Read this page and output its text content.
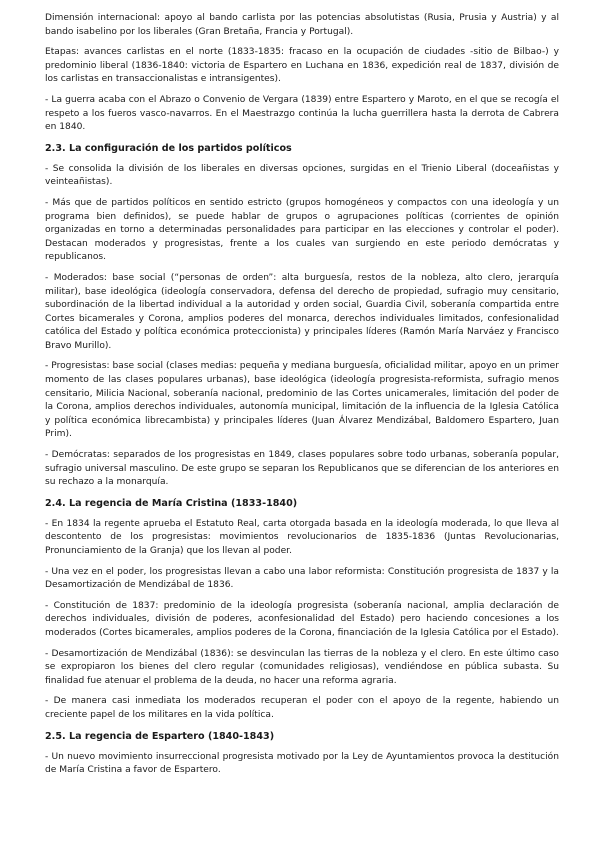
Dimensión internacional: apoyo al bando carlista por las potencias absolutistas (Rusia, Prusia y Austria) y al bando isabelino por los liberales (Gran Bretaña, Francia y Portugal).

Etapas: avances carlistas en el norte (1833-1835: fracaso en la ocupación de ciudades -sitio de Bilbao-) y predominio liberal (1836-1840: victoria de Espartero en Luchana en 1836, expedición real de 1837, división de los carlistas en transaccionalistas e intransigentes).

- La guerra acaba con el Abrazo o Convenio de Vergara (1839) entre Espartero y Maroto, en el que se recogía el respeto a los fueros vasco-navarros. En el Maestrazgo continúa la lucha guerrillera hasta la derrota de Cabrera en 1840.

2.3. La configuración de los partidos políticos

- Se consolida la división de los liberales en diversas opciones, surgidas en el Trienio Liberal (doceañistas y veinteañistas).

- Más que de partidos políticos en sentido estricto (grupos homogéneos y compactos con una ideología y un programa bien definidos), se puede hablar de grupos o agrupaciones políticas (corrientes de opinión organizadas en torno a determinadas personalidades para participar en las elecciones y controlar el poder). Destacan moderados y progresistas, frente a los cuales van surgiendo en este periodo demócratas y republicanos.

- Moderados: base social (“personas de orden”: alta burguesía, restos de la nobleza, alto clero, jerarquía militar), base ideológica (ideología conservadora, defensa del derecho de propiedad, sufragio muy censitario, subordinación de la libertad individual a la autoridad y orden social, Guardia Civil, soberanía compartida entre Cortes bicamerales y Corona, amplios poderes del monarca, derechos individuales limitados, confesionalidad católica del Estado y política económica proteccionista) y principales líderes (Ramón María Narváez y Francisco Bravo Murillo).

- Progresistas: base social (clases medias: pequeña y mediana burguesía, oficialidad militar, apoyo en un primer momento de las clases populares urbanas), base ideológica (ideología progresista-reformista, sufragio menos censitario, Milicia Nacional, soberanía nacional, predominio de las Cortes unicamerales, limitación del poder de la Corona, amplios derechos individuales, autonomía municipal, limitación de la influencia de la Iglesia Católica y política económica librecambista) y principales líderes (Juan Álvarez Mendizábal, Baldomero Espartero, Juan Prim).

- Demócratas: separados de los progresistas en 1849, clases populares sobre todo urbanas, soberanía popular, sufragio universal masculino. De este grupo se separan los Republicanos que se diferencian de los anteriores en su rechazo a la monarquía.

2.4. La regencia de María Cristina (1833-1840)

- En 1834 la regente aprueba el Estatuto Real, carta otorgada basada en la ideología moderada, lo que lleva al descontento de los progresistas: movimientos revolucionarios de 1835-1836 (Juntas Revolucionarias, Pronunciamiento de la Granja) que los llevan al poder.

- Una vez en el poder, los progresistas llevan a cabo una labor reformista: Constitución progresista de 1837 y la Desamortización de Mendizábal de 1836.

- Constitución de 1837: predominio de la ideología progresista (soberanía nacional, amplia declaración de derechos individuales, división de poderes, aconfesionalidad del Estado) pero haciendo concesiones a los moderados (Cortes bicamerales, amplios poderes de la Corona, financiación de la Iglesia Católica por el Estado).

- Desamortización de Mendizábal (1836): se desvinculan las tierras de la nobleza y el clero. En este último caso se expropiaron los bienes del clero regular (comunidades religiosas), vendiéndose en pública subasta. Su finalidad fue atenuar el problema de la deuda, no hacer una reforma agraria.

- De manera casi inmediata los moderados recuperan el poder con el apoyo de la regente, habiendo un creciente papel de los militares en la vida política.

2.5. La regencia de Espartero (1840-1843)

- Un nuevo movimiento insurreccional progresista motivado por la Ley de Ayuntamientos provoca la destitución de María Cristina a favor de Espartero.
